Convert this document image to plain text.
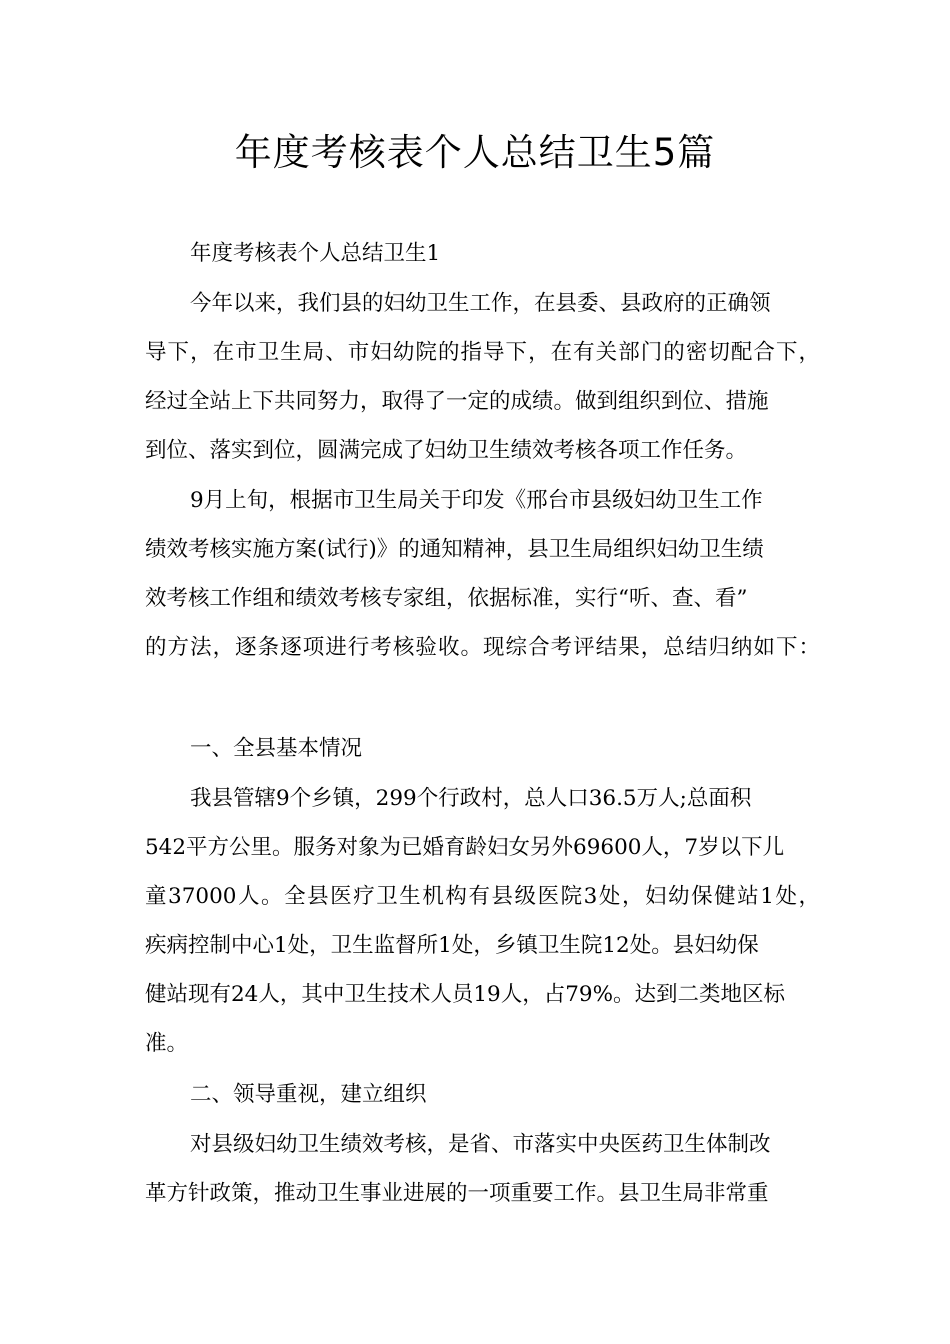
年度考核表个人总结卫生5篇
年度考核表个人总结卫生1
今年以来，我们县的妇幼卫生工作，在县委、县政府的正确领
导下，在市卫生局、市妇幼院的指导下，在有关部门的密切配合下，
经过全站上下共同努力，取得了一定的成绩。做到组织到位、措施
到位、落实到位，圆满完成了妇幼卫生绩效考核各项工作任务。
9月上旬，根据市卫生局关于印发《邢台市县级妇幼卫生工作
绩效考核实施方案(试行)》的通知精神，县卫生局组织妇幼卫生绩
效考核工作组和绩效考核专家组，依据标准，实行“听、查、看”
的方法，逐条逐项进行考核验收。现综合考评结果，总结归纳如下：
一、全县基本情况
我县管辖9个乡镇，299个行政村，总人口36.5万人;总面积
542平方公里。服务对象为已婚育龄妇女另外69600人，7岁以下儿
童37000人。全县医疗卫生机构有县级医院3处，妇幼保健站1处，
疾病控制中心1处，卫生监督所1处，乡镇卫生院12处。县妇幼保
健站现有24人，其中卫生技术人员19人，占79%。达到二类地区标
准。
二、领导重视，建立组织
对县级妇幼卫生绩效考核，是省、市落实中央医药卫生体制改
革方针政策，推动卫生事业进展的一项重要工作。县卫生局非常重
